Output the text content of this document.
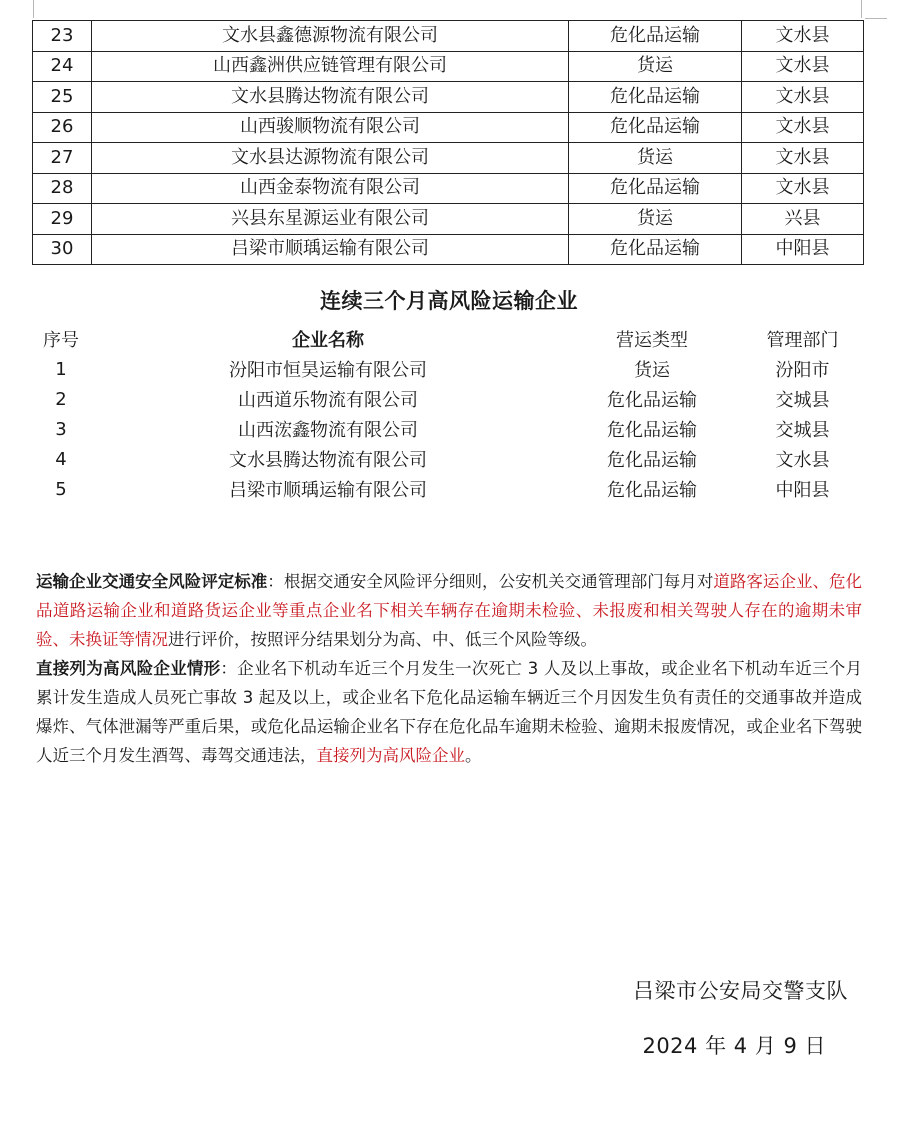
23	文水县鑫德源物流有限公司	危化品运输	文水县
24	山西鑫洲供应链管理有限公司	货运	文水县
25	文水县腾达物流有限公司	危化品运输	文水县
26	山西骏顺物流有限公司	危化品运输	文水县
27	文水县达源物流有限公司	货运	文水县
28	山西金泰物流有限公司	危化品运输	文水县
29	兴县东星源运业有限公司	货运	兴县
30	吕梁市顺瑀运输有限公司	危化品运输	中阳县
连续三个月高风险运输企业
序号	企业名称	营运类型	管理部门
1	汾阳市恒昊运输有限公司	货运	汾阳市
2	山西道乐物流有限公司	危化品运输	交城县
3	山西浤鑫物流有限公司	危化品运输	交城县
4	文水县腾达物流有限公司	危化品运输	文水县
5	吕梁市顺瑀运输有限公司	危化品运输	中阳县

运输企业交通安全风险评定标准：根据交通安全风险评分细则，公安机关交通管理部门每月对道路客运企业、危化品道路运输企业和道路货运企业等重点企业名下相关车辆存在逾期未检验、未报废和相关驾驶人存在的逾期未审验、未换证等情况进行评价，按照评分结果划分为高、中、低三个风险等级。

直接列为高风险企业情形：企业名下机动车近三个月发生一次死亡 3 人及以上事故，或企业名下机动车近三个月累计发生造成人员死亡事故 3 起及以上，或企业名下危化品运输车辆近三个月因发生负有责任的交通事故并造成爆炸、气体泄漏等严重后果，或危化品运输企业名下存在危化品车逾期未检验、逾期未报废情况，或企业名下驾驶人近三个月发生酒驾、毒驾交通违法，直接列为高风险企业。

吕梁市公安局交警支队
2024 年 4 月 9 日
